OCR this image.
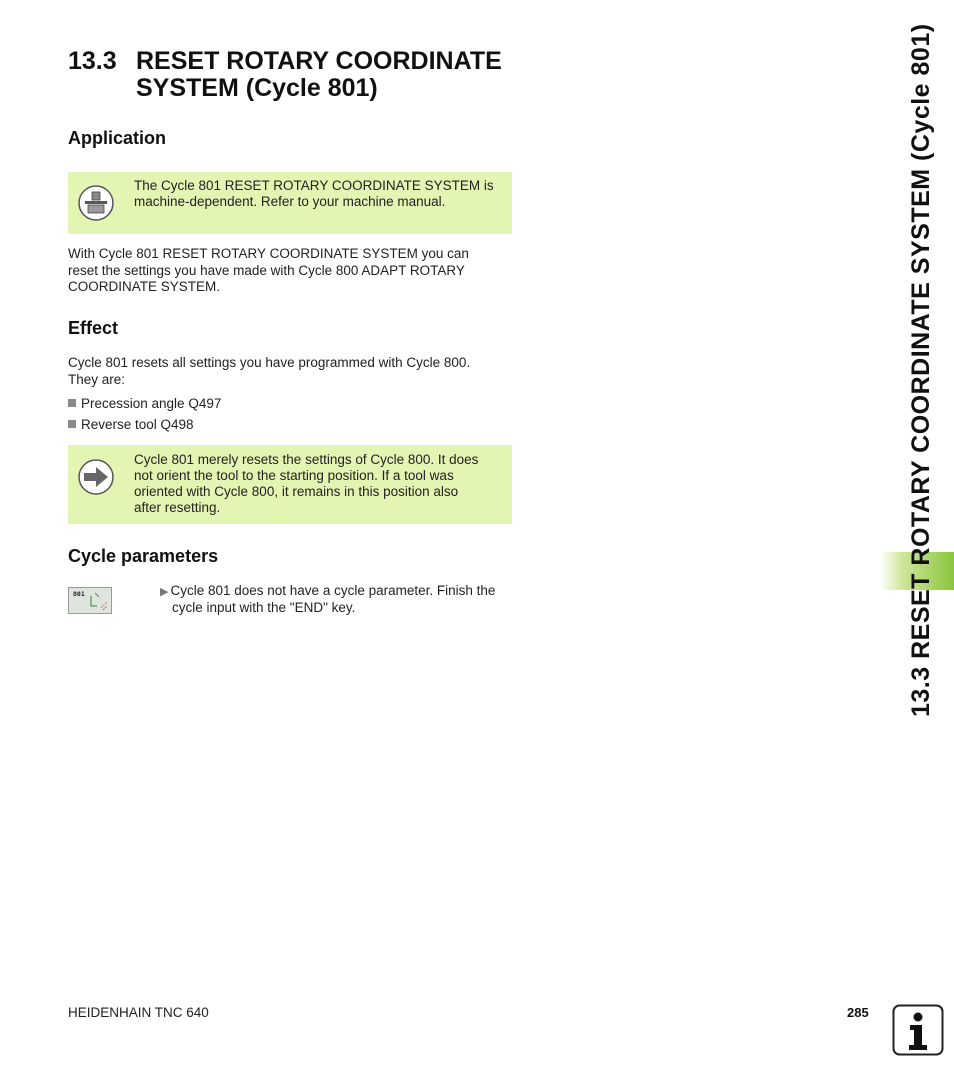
13.3 RESET ROTARY COORDINATE
SYSTEM (Cycle 801)
Application
The Cycle 801 RESET ROTARY COORDINATE SYSTEM is
machine-dependent. Refer to your machine manual.
With Cycle 801 RESET ROTARY COORDINATE SYSTEM you can
reset the settings you have made with Cycle 800 ADAPT ROTARY
COORDINATE SYSTEM.
Effect
Cycle 801 resets all settings you have programmed with Cycle 800.
They are:
Precession angle Q497
Reverse tool Q498
Cycle 801 merely resets the settings of Cycle 800. It does
not orient the tool to the starting position. If a tool was
oriented with Cycle 800, it remains in this position also
after resetting.
Cycle parameters
801	▶ Cycle 801 does not have a cycle parameter. Finish the
cycle input with the "END" key.	13.3 RESET ROTARY COORDINATE SYSTEM (Cycle 801)
HEIDENHAIN TNC 640	285
